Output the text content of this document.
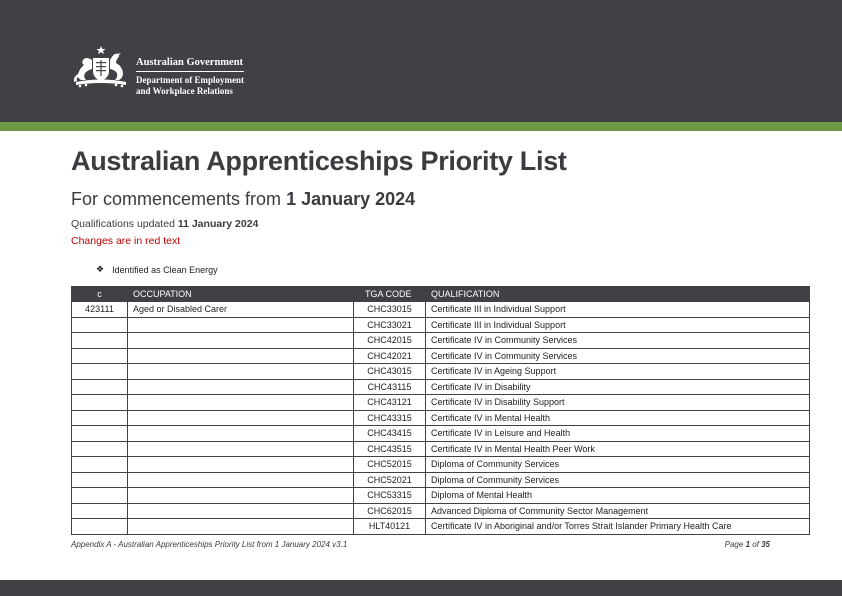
Australian Government
Department of Employment
and Workplace Relations
Australian Apprenticeships Priority List
For commencements from 1 January 2024
Qualifications updated 11 January 2024
Changes are in red text
❖ Identified as Clean Energy
c	OCCUPATION	TGA CODE	QUALIFICATION
423111	Aged or Disabled Carer	CHC33015	Certificate III in Individual Support
		CHC33021	Certificate III in Individual Support
		CHC42015	Certificate IV in Community Services
		CHC42021	Certificate IV in Community Services
		CHC43015	Certificate IV in Ageing Support
		CHC43115	Certificate IV in Disability
		CHC43121	Certificate IV in Disability Support
		CHC43315	Certificate IV in Mental Health
		CHC43415	Certificate IV in Leisure and Health
		CHC43515	Certificate IV in Mental Health Peer Work
		CHC52015	Diploma of Community Services
		CHC52021	Diploma of Community Services
		CHC53315	Diploma of Mental Health
		CHC62015	Advanced Diploma of Community Sector Management
		HLT40121	Certificate IV in Aboriginal and/or Torres Strait Islander Primary Health Care
Appendix A - Australian Apprenticeships Priority List from 1 January 2024 v3.1	Page 1 of 35
